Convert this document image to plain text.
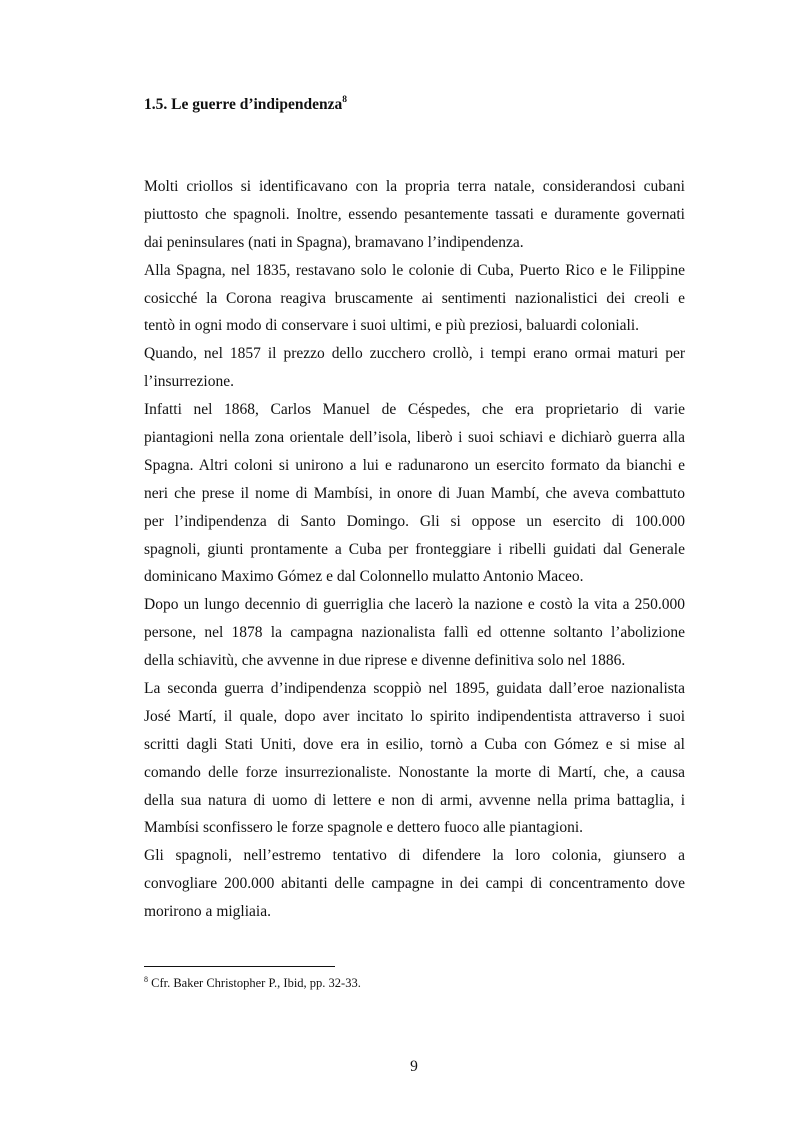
1.5. Le guerre d’indipendenza$^8$
Molti criollos si identificavano con la propria terra natale, considerandosi cubani
piuttosto che spagnoli. Inoltre, essendo pesantemente tassati e duramente governati
dai peninsulares (nati in Spagna), bramavano l’indipendenza.
Alla Spagna, nel 1835, restavano solo le colonie di Cuba, Puerto Rico e le Filippine
cosicché la Corona reagiva bruscamente ai sentimenti nazionalistici dei creoli e
tentò in ogni modo di conservare i suoi ultimi, e più preziosi, baluardi coloniali.
Quando, nel 1857 il prezzo dello zucchero crollò, i tempi erano ormai maturi per
l’insurrezione.
Infatti nel 1868, Carlos Manuel de Céspedes, che era proprietario di varie
piantagioni nella zona orientale dell’isola, liberò i suoi schiavi e dichiarò guerra alla
Spagna. Altri coloni si unirono a lui e radunarono un esercito formato da bianchi e
neri che prese il nome di Mambísi, in onore di Juan Mambí, che aveva combattuto
per l’indipendenza di Santo Domingo. Gli si oppose un esercito di 100.000
spagnoli, giunti prontamente a Cuba per fronteggiare i ribelli guidati dal Generale
dominicano Maximo Gómez e dal Colonnello mulatto Antonio Maceo.
Dopo un lungo decennio di guerriglia che lacerò la nazione e costò la vita a 250.000
persone, nel 1878 la campagna nazionalista fallì ed ottenne soltanto l’abolizione
della schiavitù, che avvenne in due riprese e divenne definitiva solo nel 1886.
La seconda guerra d’indipendenza scoppiò nel 1895, guidata dall’eroe nazionalista
José Martí, il quale, dopo aver incitato lo spirito indipendentista attraverso i suoi
scritti dagli Stati Uniti, dove era in esilio, tornò a Cuba con Gómez e si mise al
comando delle forze insurrezionaliste. Nonostante la morte di Martí, che, a causa
della sua natura di uomo di lettere e non di armi, avvenne nella prima battaglia, i
Mambísi sconfissero le forze spagnole e dettero fuoco alle piantagioni.
Gli spagnoli, nell’estremo tentativo di difendere la loro colonia, giunsero a
convogliare 200.000 abitanti delle campagne in dei campi di concentramento dove
morirono a migliaia.
$^8$ Cfr. Baker Christopher P., Ibid, pp. 32-33.
9
